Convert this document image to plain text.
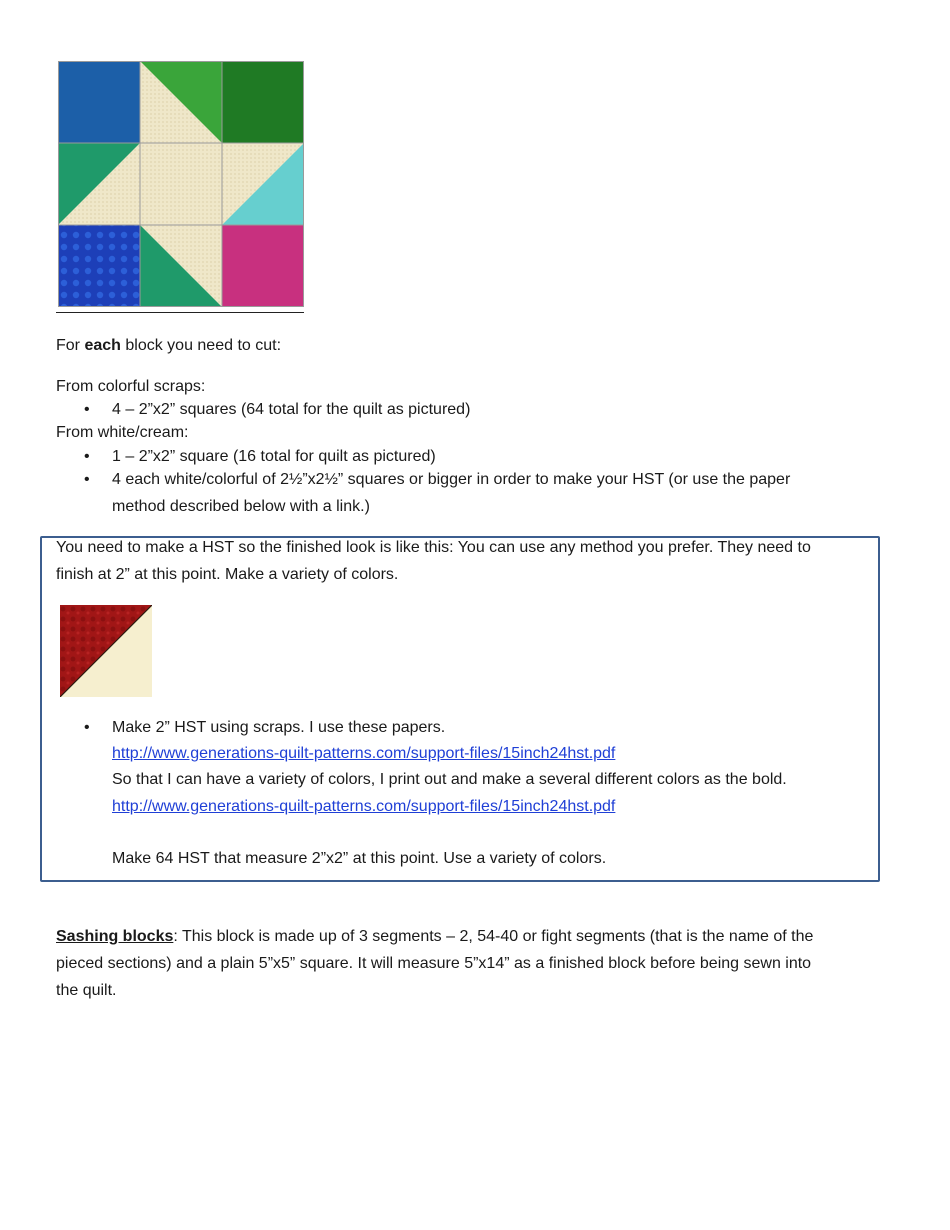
For each block you need to cut:
From colorful scraps:
• 4 – 2”x2” squares (64 total for the quilt as pictured)
From white/cream:
• 1 – 2”x2” square (16 total for quilt as pictured)
• 4 each white/colorful of 2½”x2½” squares or bigger in order to make your HST (or use the paper
method described below with a link.)
You need to make a HST so the finished look is like this: You can use any method you prefer. They need to
finish at 2” at this point. Make a variety of colors.
• Make 2” HST using scraps. I use these papers.
http://www.generations-quilt-patterns.com/support-files/15inch24hst.pdf
So that I can have a variety of colors, I print out and make a several different colors as the bold.
http://www.generations-quilt-patterns.com/support-files/15inch24hst.pdf
Make 64 HST that measure 2”x2” at this point. Use a variety of colors.
Sashing blocks: This block is made up of 3 segments – 2, 54-40 or fight segments (that is the name of the
pieced sections) and a plain 5”x5” square. It will measure 5”x14” as a finished block before being sewn into
the quilt.
